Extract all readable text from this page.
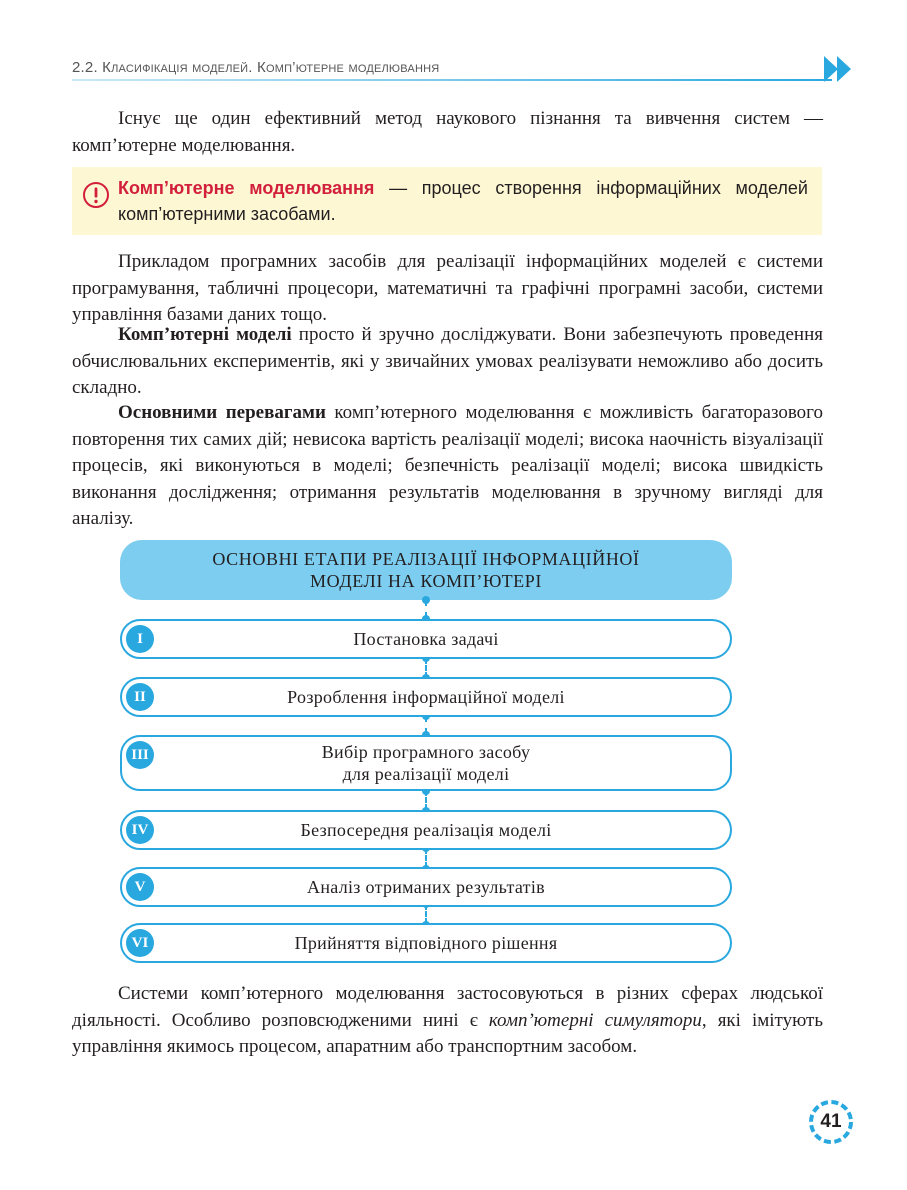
2.2. Класифікація моделей. Комп’ютерне моделювання

Існує ще один ефективний метод наукового пізнання та вивчення систем — комп’ютерне моделювання.

Комп’ютерне моделювання — процес створення інформаційних моделей комп’ютерними засобами.

Прикладом програмних засобів для реалізації інформаційних моделей є системи програмування, табличні процесори, математичні та графічні програмні засоби, системи управління базами даних тощо.

Комп’ютерні моделі просто й зручно досліджувати. Вони забезпечують проведення обчислювальних експериментів, які у звичайних умовах реалізувати неможливо або досить складно.

Основними перевагами комп’ютерного моделювання є можливість багаторазового повторення тих самих дій; невисока вартість реалізації моделі; висока наочність візуалізації процесів, які виконуються в моделі; безпечність реалізації моделі; висока швидкість виконання дослідження; отримання результатів моделювання в зручному вигляді для аналізу.

ОСНОВНІ ЕТАПИ РЕАЛІЗАЦІЇ ІНФОРМАЦІЙНОЇ
МОДЕЛІ НА КОМП’ЮТЕРІ
I	Постановка задачі
II	Розроблення інформаційної моделі
III	Вибір програмного засобу
для реалізації моделі
IV	Безпосередня реалізація моделі
V	Аналіз отриманих результатів
VI	Прийняття відповідного рішення

Системи комп’ютерного моделювання застосовуються в різних сферах людської діяльності. Особливо розповсюдженими нині є комп’ютерні симулятори, які імітують управління якимось процесом, апаратним або транспортним засобом.

41
